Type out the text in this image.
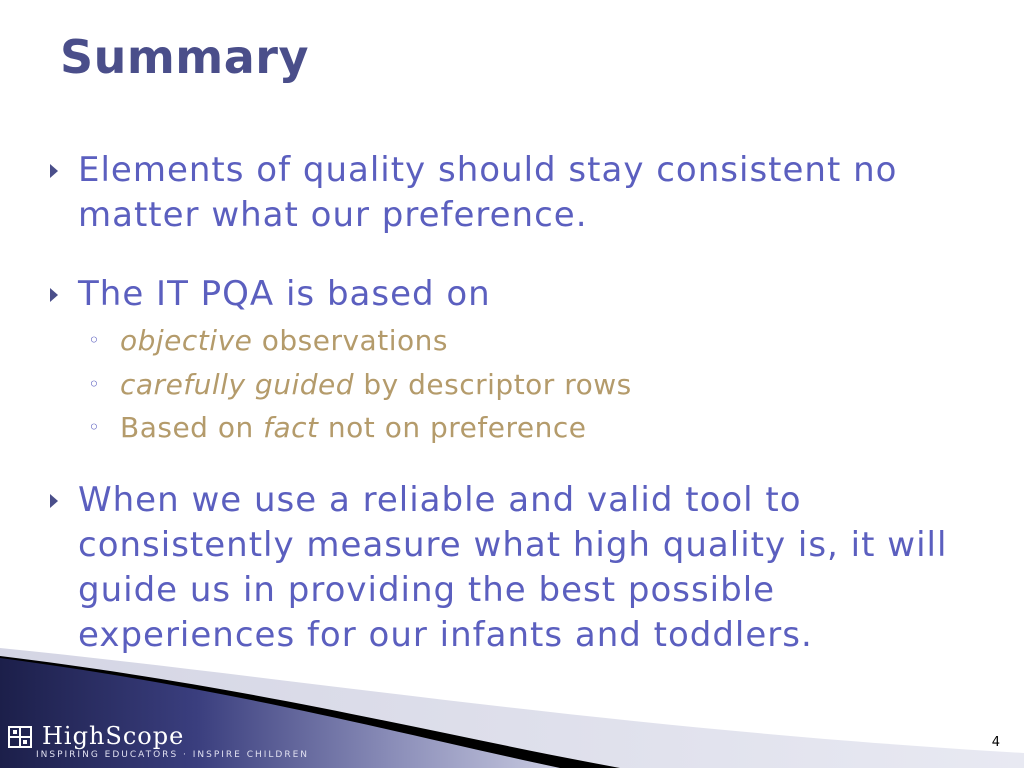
Summary
Elements of quality should stay consistent no matter what our preference.
The IT PQA is based on
◦ objective observations
◦ carefully guided by descriptor rows
◦ Based on fact not on preference
When we use a reliable and valid tool to consistently measure what high quality is, it will guide us in providing the best possible experiences for our infants and toddlers.
HighScope
INSPIRING EDUCATORS · INSPIRE CHILDREN
4
